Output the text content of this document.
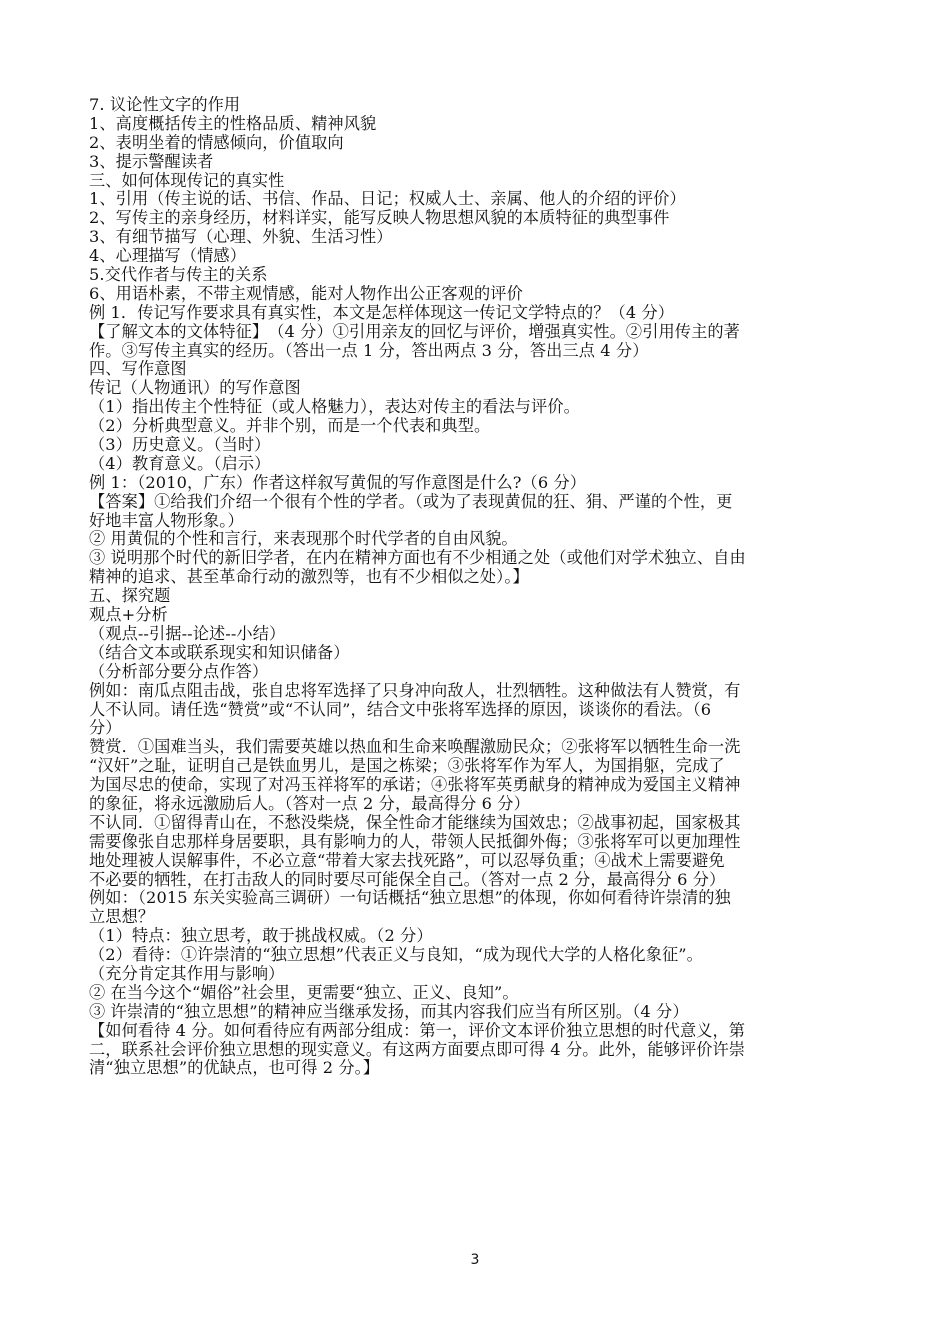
7. 议论性文字的作用
1、高度概括传主的性格品质、精神风貌
2、表明坐着的情感倾向，价值取向
3、提示警醒读者
三、如何体现传记的真实性
1、引用（传主说的话、书信、作品、日记；权威人士、亲属、他人的介绍的评价）
2、写传主的亲身经历，材料详实，能写反映人物思想风貌的本质特征的典型事件
3、有细节描写（心理、外貌、生活习性）
4、心理描写（情感）
5.交代作者与传主的关系
6、用语朴素，不带主观情感，能对人物作出公正客观的评价
例 1．传记写作要求具有真实性，本文是怎样体现这一传记文学特点的？（4 分）
【了解文本的文体特征】　（4 分）①引用亲友的回忆与评价，增强真实性。②引用传主的著
作。③写传主真实的经历。（答出一点 1 分，答出两点 3 分，答出三点 4 分）
四、写作意图
传记（人物通讯）的写作意图
（1）指出传主个性特征（或人格魅力），表达对传主的看法与评价。
（2）分析典型意义。并非个别，而是一个代表和典型。
（3）历史意义。（当时）
（4）教育意义。（启示）
例 1：（2010，广东）作者这样叙写黄侃的写作意图是什么?（6 分）
【答案】①给我们介绍一个很有个性的学者。（或为了表现黄侃的狂、狷、严谨的个性，更
好地丰富人物形象。）
② 用黄侃的个性和言行，来表现那个时代学者的自由风貌。
③ 说明那个时代的新旧学者，在内在精神方面也有不少相通之处（或他们对学术独立、自由
精神的追求、甚至革命行动的激烈等，也有不少相似之处）。】
五、探究题
观点+分析
（观点--引据--论述--小结）
（结合文本或联系现实和知识储备）
（分析部分要分点作答）
例如：南瓜点阻击战，张自忠将军选择了只身冲向敌人，壮烈牺牲。这种做法有人赞赏，有
人不认同。请任选“赞赏”或“不认同”，结合文中张将军选择的原因，谈谈你的看法。（6
分）
赞赏．①国难当头，我们需要英雄以热血和生命来唤醒激励民众；②张将军以牺牲生命一洗
“汉奸”之耻，证明自己是铁血男儿，是国之栋梁；③张将军作为军人，为国捐躯，完成了
为国尽忠的使命，实现了对冯玉祥将军的承诺；④张将军英勇献身的精神成为爱国主义精神
的象征，将永远激励后人。（答对一点 2 分，最高得分 6 分）
不认同．①留得青山在，不愁没柴烧，保全性命才能继续为国效忠；②战事初起，国家极其
需要像张自忠那样身居要职，具有影响力的人，带领人民抵御外侮；③张将军可以更加理性
地处理被人误解事件，不必立意“带着大家去找死路”，可以忍辱负重；④战术上需要避免
不必要的牺牲，在打击敌人的同时要尽可能保全自己。（答对一点 2 分，最高得分 6 分）
例如：（2015 东关实验高三调研）一句话概括“独立思想”的体现，你如何看待许崇清的独
立思想？
（1）特点：独立思考，敢于挑战权威。（2 分）
（2）看待：①许崇清的“独立思想”代表正义与良知，“成为现代大学的人格化象征”。
（充分肯定其作用与影响）
② 在当今这个“媚俗”社会里，更需要“独立、正义、良知”。
③ 许崇清的“独立思想”的精神应当继承发扬，而其内容我们应当有所区别。（4 分）
【如何看待 4 分。如何看待应有两部分组成：第一，评价文本评价独立思想的时代意义，第
二，联系社会评价独立思想的现实意义。有这两方面要点即可得 4 分。此外，能够评价许崇
清“独立思想”的优缺点，也可得 2 分。】
3
